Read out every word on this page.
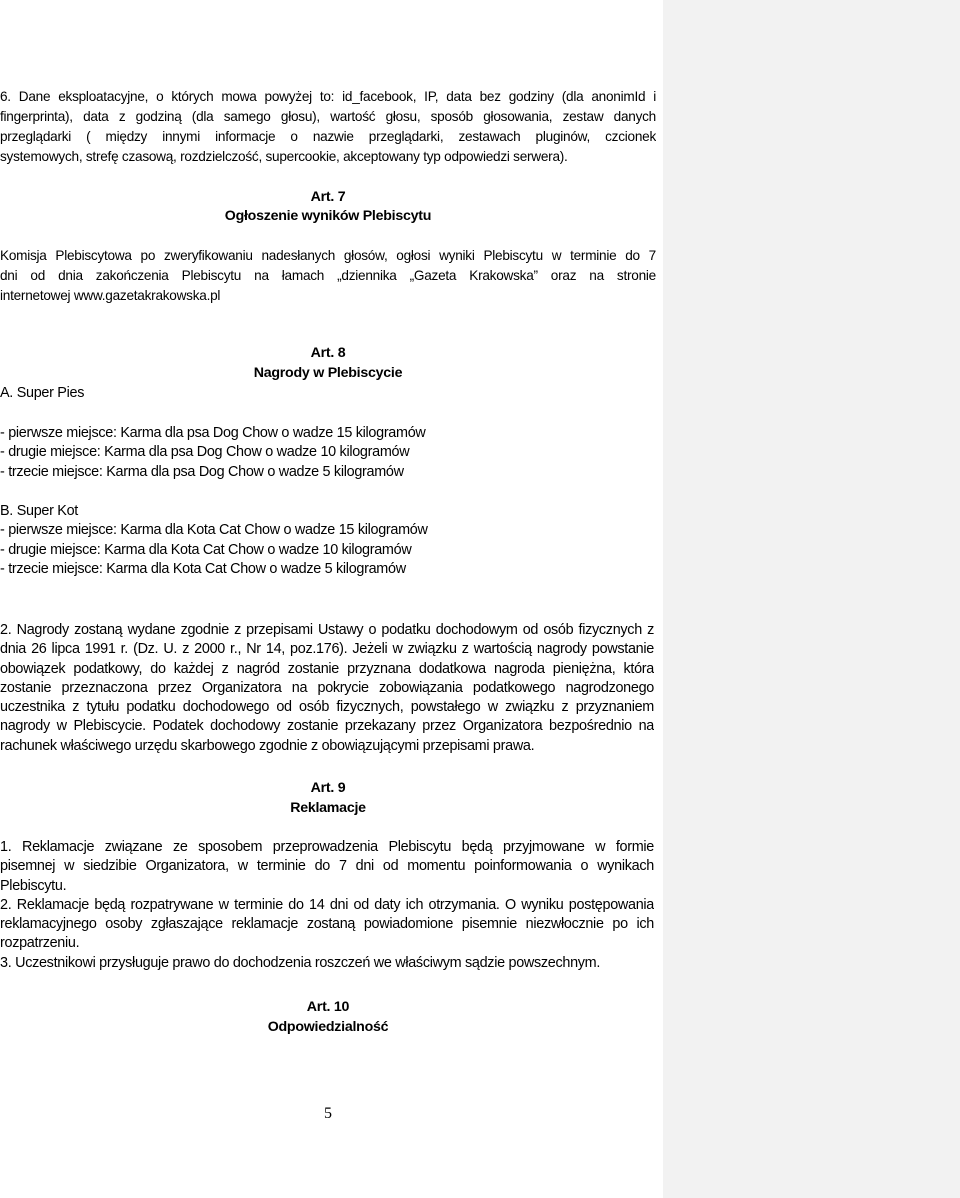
6. Dane eksploatacyjne, o których mowa powyżej to: id_facebook, IP, data bez godziny (dla anonimId i
fingerprinta), data z godziną (dla samego głosu), wartość głosu, sposób głosowania, zestaw danych
przeglądarki ( między innymi informacje o nazwie przeglądarki, zestawach pluginów, czcionek
systemowych, strefę czasową, rozdzielczość, supercookie, akceptowany typ odpowiedzi serwera).
Art. 7
Ogłoszenie wyników Plebiscytu
Komisja Plebiscytowa po zweryfikowaniu nadesłanych głosów, ogłosi wyniki Plebiscytu w terminie do 7
dni od dnia zakończenia Plebiscytu na łamach „dziennika „Gazeta Krakowska” oraz na stronie
internetowej www.gazetakrakowska.pl
Art. 8
Nagrody w Plebiscycie
A. Super Pies
- pierwsze miejsce: Karma dla psa Dog Chow o wadze 15 kilogramów
- drugie miejsce: Karma dla psa Dog Chow o wadze 10 kilogramów
- trzecie miejsce: Karma dla psa Dog Chow o wadze 5 kilogramów
B. Super Kot
- pierwsze miejsce: Karma dla Kota Cat Chow o wadze 15 kilogramów
- drugie miejsce: Karma dla Kota Cat Chow o wadze 10 kilogramów
- trzecie miejsce: Karma dla Kota Cat Chow o wadze 5 kilogramów
2. Nagrody zostaną wydane zgodnie z przepisami Ustawy o podatku dochodowym od osób fizycznych z
dnia 26 lipca 1991 r. (Dz. U. z 2000 r., Nr 14, poz.176). Jeżeli w związku z wartością nagrody powstanie
obowiązek podatkowy, do każdej z nagród zostanie przyznana dodatkowa nagroda pieniężna, która
zostanie przeznaczona przez Organizatora na pokrycie zobowiązania podatkowego nagrodzonego
uczestnika z tytułu podatku dochodowego od osób fizycznych, powstałego w związku z przyznaniem
nagrody w Plebiscycie. Podatek dochodowy zostanie przekazany przez Organizatora bezpośrednio na
rachunek właściwego urzędu skarbowego zgodnie z obowiązującymi przepisami prawa.
Art. 9
Reklamacje
1. Reklamacje związane ze sposobem przeprowadzenia Plebiscytu będą przyjmowane w formie
pisemnej w siedzibie Organizatora, w terminie do 7 dni od momentu poinformowania o wynikach
Plebiscytu.
2. Reklamacje będą rozpatrywane w terminie do 14 dni od daty ich otrzymania. O wyniku postępowania
reklamacyjnego osoby zgłaszające reklamacje zostaną powiadomione pisemnie niezwłocznie po ich
rozpatrzeniu.
3. Uczestnikowi przysługuje prawo do dochodzenia roszczeń we właściwym sądzie powszechnym.
Art. 10
Odpowiedzialność
5
